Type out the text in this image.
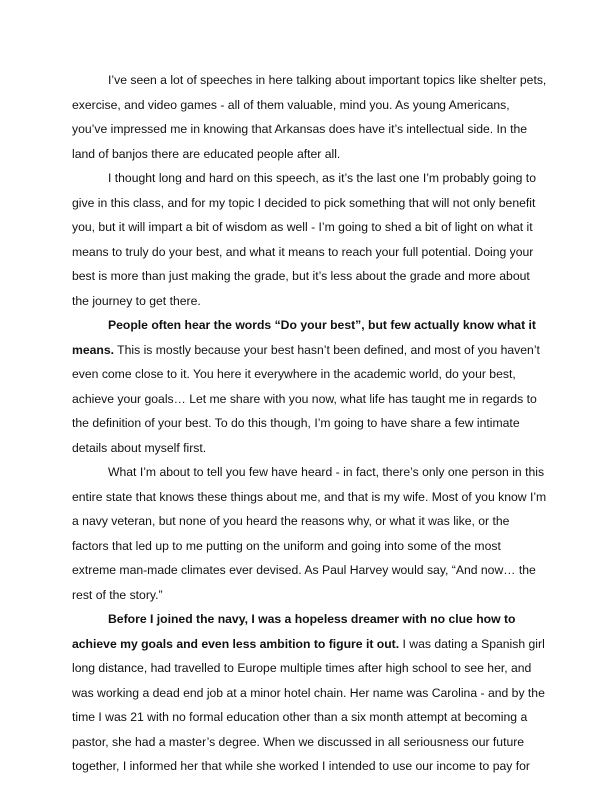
I’ve seen a lot of speeches in here talking about important topics like shelter pets,
exercise, and video games - all of them valuable, mind you. As young Americans,
you’ve impressed me in knowing that Arkansas does have it’s intellectual side. In the
land of banjos there are educated people after all.
I thought long and hard on this speech, as it’s the last one I’m probably going to
give in this class, and for my topic I decided to pick something that will not only benefit
you, but it will impart a bit of wisdom as well - I’m going to shed a bit of light on what it
means to truly do your best, and what it means to reach your full potential. Doing your
best is more than just making the grade, but it’s less about the grade and more about
the journey to get there.
People often hear the words “Do your best”, but few actually know what it
means. This is mostly because your best hasn’t been defined, and most of you haven’t
even come close to it. You here it everywhere in the academic world, do your best,
achieve your goals… Let me share with you now, what life has taught me in regards to
the definition of your best. To do this though, I’m going to have share a few intimate
details about myself first.
What I’m about to tell you few have heard - in fact, there’s only one person in this
entire state that knows these things about me, and that is my wife. Most of you know I’m
a navy veteran, but none of you heard the reasons why, or what it was like, or the
factors that led up to me putting on the uniform and going into some of the most
extreme man-made climates ever devised. As Paul Harvey would say, “And now… the
rest of the story.”
Before I joined the navy, I was a hopeless dreamer with no clue how to
achieve my goals and even less ambition to figure it out. I was dating a Spanish girl
long distance, had travelled to Europe multiple times after high school to see her, and
was working a dead end job at a minor hotel chain. Her name was Carolina - and by the
time I was 21 with no formal education other than a six month attempt at becoming a
pastor, she had a master’s degree. When we discussed in all seriousness our future
together, I informed her that while she worked I intended to use our income to pay for
